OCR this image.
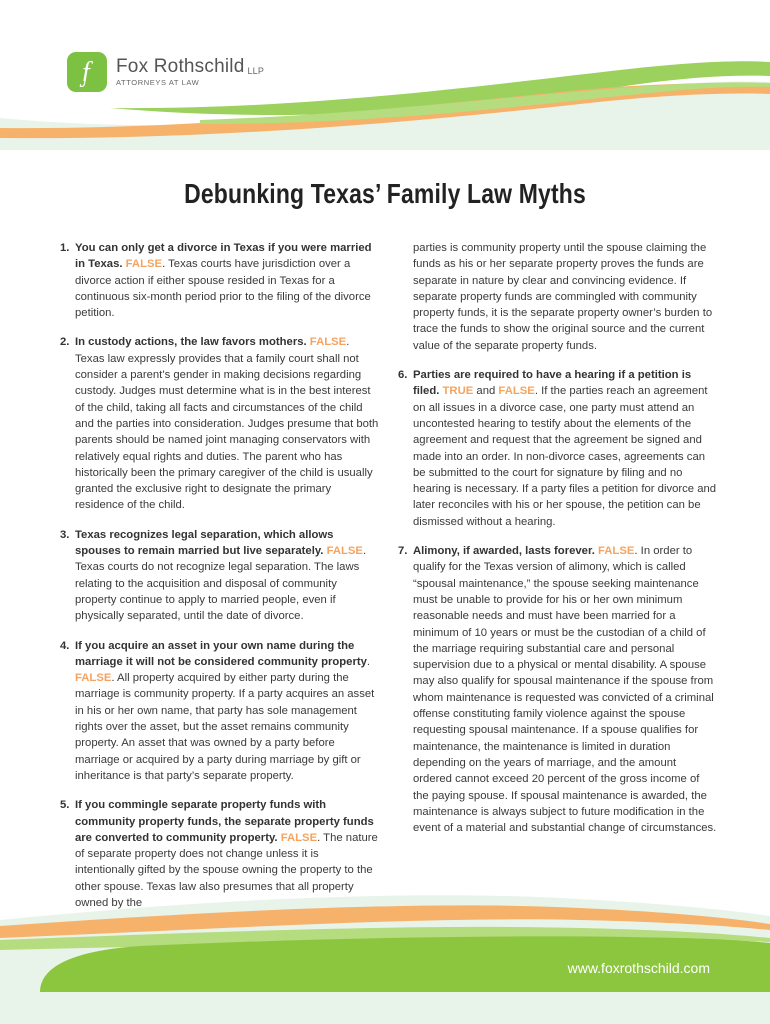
ᶂ	Fox Rothschild $^{LLP}$
ATTORNEYS AT LAW
Debunking Texas’ Family Law Myths
1. You can only get a divorce in Texas if you were married in Texas. FALSE. Texas courts have jurisdiction over a divorce action if either spouse resided in Texas for a continuous six-month period prior to the filing of the divorce petition.
2. In custody actions, the law favors mothers. FALSE. Texas law expressly provides that a family court shall not consider a parent’s gender in making decisions regarding custody. Judges must determine what is in the best interest of the child, taking all facts and circumstances of the child and the parties into consideration. Judges presume that both parents should be named joint managing conservators with relatively equal rights and duties. The parent who has historically been the primary caregiver of the child is usually granted the exclusive right to designate the primary residence of the child.
3. Texas recognizes legal separation, which allows spouses to remain married but live separately. FALSE. Texas courts do not recognize legal separation. The laws relating to the acquisition and disposal of community property continue to apply to married people, even if physically separated, until the date of divorce.
4. If you acquire an asset in your own name during the marriage it will not be considered community property. FALSE. All property acquired by either party during the marriage is community property. If a party acquires an asset in his or her own name, that party has sole management rights over the asset, but the asset remains community property. An asset that was owned by a party before marriage or acquired by a party during marriage by gift or inheritance is that party’s separate property.
5. If you commingle separate property funds with community property funds, the separate property funds are converted to community property. FALSE. The nature of separate property does not change unless it is intentionally gifted by the spouse owning the property to the other spouse. Texas law also presumes that all property owned by the
parties is community property until the spouse claiming the funds as his or her separate property proves the funds are separate in nature by clear and convincing evidence. If separate property funds are commingled with community property funds, it is the separate property owner’s burden to trace the funds to show the original source and the current value of the separate property funds.
6. Parties are required to have a hearing if a petition is filed. TRUE and FALSE. If the parties reach an agreement on all issues in a divorce case, one party must attend an uncontested hearing to testify about the elements of the agreement and request that the agreement be signed and made into an order. In non-divorce cases, agreements can be submitted to the court for signature by filing and no hearing is necessary. If a party files a petition for divorce and later reconciles with his or her spouse, the petition can be dismissed without a hearing.
7. Alimony, if awarded, lasts forever. FALSE. In order to qualify for the Texas version of alimony, which is called “spousal maintenance,” the spouse seeking maintenance must be unable to provide for his or her own minimum reasonable needs and must have been married for a minimum of 10 years or must be the custodian of a child of the marriage requiring substantial care and personal supervision due to a physical or mental disability. A spouse may also qualify for spousal maintenance if the spouse from whom maintenance is requested was convicted of a criminal offense constituting family violence against the spouse requesting spousal maintenance. If a spouse qualifies for maintenance, the maintenance is limited in duration depending on the years of marriage, and the amount ordered cannot exceed 20 percent of the gross income of the paying spouse. If spousal maintenance is awarded, the maintenance is always subject to future modification in the event of a material and substantial change of circumstances.
www.foxrothschild.com
